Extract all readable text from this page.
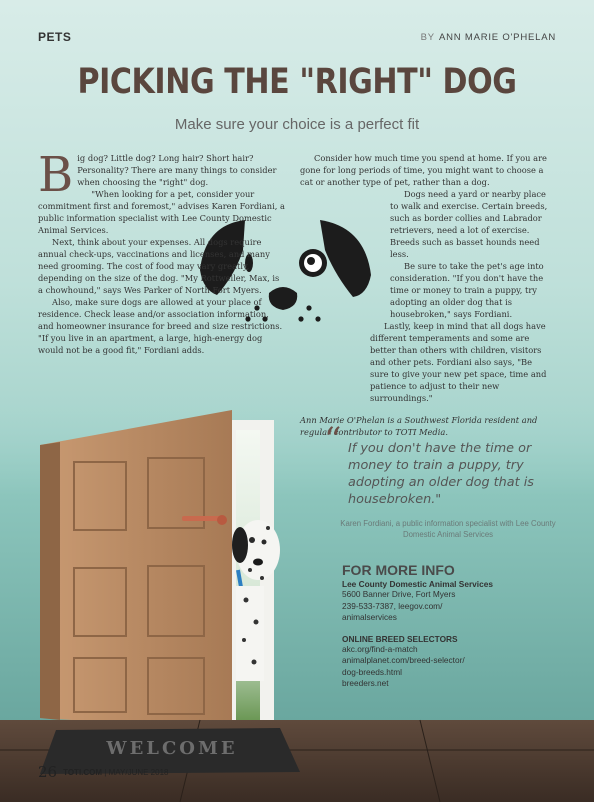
PETS	BY ANN MARIE O'PHELAN
PICKING THE "RIGHT" DOG
Make sure your choice is a perfect fit
WELCOME

Big dog? Little dog? Long hair? Short hair? Personality? There are many things to consider when choosing the "right" dog.

"When looking for a pet, consider your commitment first and foremost," advises Karen Fordiani, a public information specialist with Lee County Domestic Animal Services.

Next, think about your expenses. All dogs require annual check-ups, vaccinations and licenses, and many need grooming. The cost of food may vary greatly, depending on the size of the dog. "My Rottweiler, Max, is a chowhound," says Wes Parker of North Fort Myers.

Also, make sure dogs are allowed at your place of residence. Check lease and/or association information, and homeowner insurance for breed and size restrictions. "If you live in an apartment, a large, high-energy dog would not be a good fit," Fordiani adds.

Consider how much time you spend at home. If you are gone for long periods of time, you might want to choose a cat or another type of pet, rather than a dog.

Dogs need a yard or nearby place to walk and exercise. Certain breeds, such as border collies and Labrador retrievers, need a lot of exercise. Breeds such as basset hounds need less.

Be sure to take the pet's age into consideration. "If you don't have the time or money to train a puppy, try adopting an older dog that is housebroken," says Fordiani.

Lastly, keep in mind that all dogs have different temperaments and some are better than others with children, visitors and other pets. Fordiani also says, "Be sure to give your new pet space, time and patience to adjust to their new surroundings."

Ann Marie O'Phelan is a Southwest Florida resident and regular contributor to TOTI Media.

“ If you don't have the time or money to train a puppy, try adopting an older dog that is housebroken."
Karen Fordiani, a public information specialist with Lee County Domestic Animal Services
FOR MORE INFO
Lee County Domestic Animal Services
5600 Banner Drive, Fort Myers
239-533-7387, leegov.com/
animalservices
ONLINE BREED SELECTORS
akc.org/find-a-match
animalplanet.com/breed-selector/
dog-breeds.html
breeders.net
26 TOTI.COM | MAY/JUNE 2018
